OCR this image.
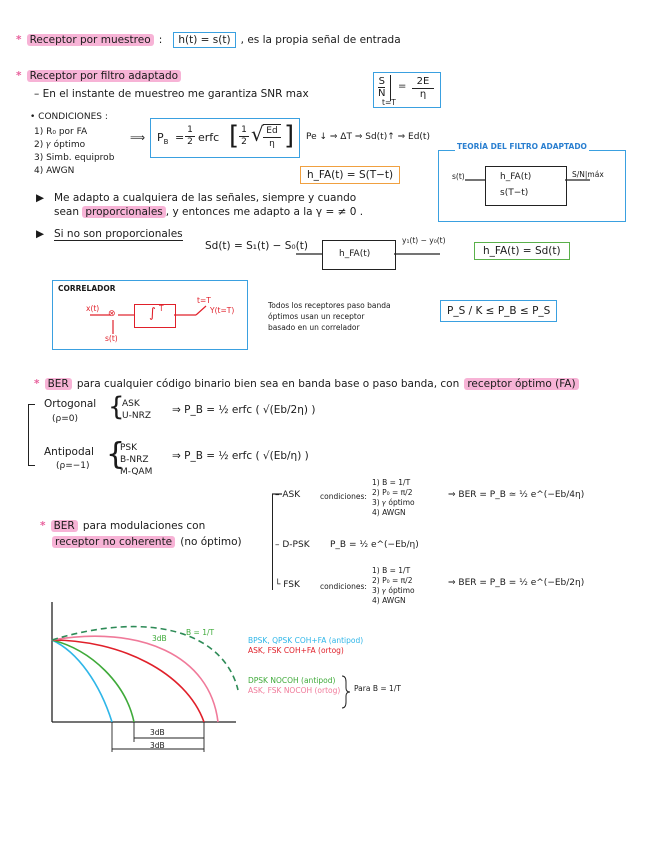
* Receptor por muestreo : h(t) = s(t) , es la propia señal de entrada
* Receptor por filtro adaptado
– En el instante de muestreo me garantiza SNR max
S
N
t=T
=	2E
η
• CONDICIONES :
1) R₀ por FA
2) 𝛾 óptimo
3) Simb. equiprob
4) AWGN
⟹ $P_B$ =
1
2 erfc [ 1
2 √ Ed
η ] Pe ↓ ⇒ ΔT ⇒ Sd(t)↑ ⇒ Ed(t)
h_FA(t) = S(T−t)
TEORÍA DEL FILTRO ADAPTADO
s(t)	h_FA(t)
s(T−t)
S/N|máx
▶ Me adapto a cualquiera de las señales, siempre y cuando
sean proporcionales , y entonces me adapto a la γ = ≠ 0 .
▶ Si no son proporcionales
Sd(t) = S₁(t) − S₀(t)
h_FA(t)
y₁(t) − y₀(t)
h_FA(t) = Sd(t)
CORRELADOR
x(t)
s(t)
⊗	∫ T
t=T
Y(t=T)
Todos los receptores paso banda
óptimos usan un receptor
basado en un correlador
P_S / K ≤ P_B ≤ P_S
* BER para cualquier código binario bien sea en banda base o paso banda, con receptor óptimo (FA)
Ortogonal
(ρ=0) {
ASK
U-NRZ ⇒ P_B = ½ erfc ( √(Eb/2η) )
Antipodal
(ρ=−1) {
PSK
B-NRZ
M-QAM
⇒ P_B = ½ erfc ( √(Eb/η) )
* BER para modulaciones con
receptor no coherente (no óptimo)
– ASK	condiciones:
1) B = 1/T
2) P₀ = π/2
3) 𝛾 óptimo
4) AWGN
⇒ BER = P_B ≃ ½ e^(−Eb/4η)
– D-PSK P_B = ½ e^(−Eb/η)
└ FSK	condiciones:
1) B = 1/T
2) P₀ = π/2
3) 𝛾 óptimo
4) AWGN
⇒ BER = P_B = ½ e^(−Eb/2η)
3dB
B = 1/T
3dB
3dB
BPSK, QPSK COH+FA (antipod)
ASK, FSK COH+FA (ortog)
DPSK NOCOH (antipod)
ASK, FSK NOCOH (ortog) Para B = 1/T
